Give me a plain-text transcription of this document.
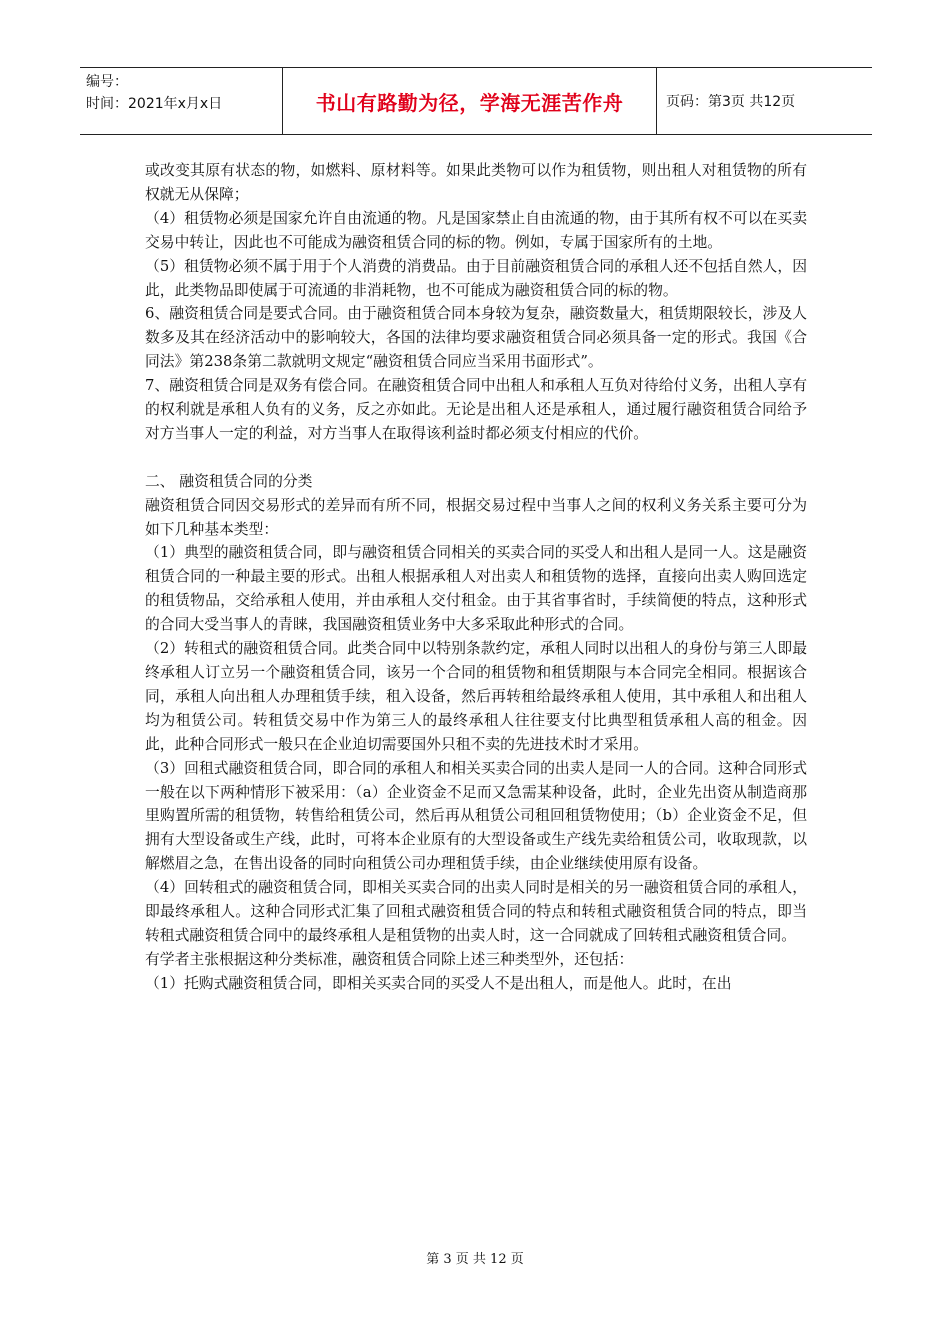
编号：
时间：2021年x月x日	书山有路勤为径，学海无涯苦作舟	页码：第3页 共12页

或改变其原有状态的物，如燃料、原材料等。如果此类物可以作为租赁物，则出租人对租赁物的所有权就无从保障；

（4）租赁物必须是国家允许自由流通的物。凡是国家禁止自由流通的物，由于其所有权不可以在买卖交易中转让，因此也不可能成为融资租赁合同的标的物。例如，专属于国家所有的土地。

（5）租赁物必须不属于用于个人消费的消费品。由于目前融资租赁合同的承租人还不包括自然人，因此，此类物品即使属于可流通的非消耗物，也不可能成为融资租赁合同的标的物。

6、融资租赁合同是要式合同。由于融资租赁合同本身较为复杂，融资数量大，租赁期限较长，涉及人数多及其在经济活动中的影响较大，各国的法律均要求融资租赁合同必须具备一定的形式。我国《合同法》第238条第二款就明文规定“融资租赁合同应当采用书面形式”。

7、融资租赁合同是双务有偿合同。在融资租赁合同中出租人和承租人互负对待给付义务，出租人享有的权利就是承租人负有的义务，反之亦如此。无论是出租人还是承租人，通过履行融资租赁合同给予对方当事人一定的利益，对方当事人在取得该利益时都必须支付相应的代价。

二、 融资租赁合同的分类

融资租赁合同因交易形式的差异而有所不同，根据交易过程中当事人之间的权利义务关系主要可分为如下几种基本类型：

（1）典型的融资租赁合同，即与融资租赁合同相关的买卖合同的买受人和出租人是同一人。这是融资租赁合同的一种最主要的形式。出租人根据承租人对出卖人和租赁物的选择，直接向出卖人购回选定的租赁物品，交给承租人使用，并由承租人交付租金。由于其省事省时，手续简便的特点，这种形式的合同大受当事人的青睐，我国融资租赁业务中大多采取此种形式的合同。

（2）转租式的融资租赁合同。此类合同中以特别条款约定，承租人同时以出租人的身份与第三人即最终承租人订立另一个融资租赁合同，该另一个合同的租赁物和租赁期限与本合同完全相同。根据该合同，承租人向出租人办理租赁手续，租入设备，然后再转租给最终承租人使用，其中承租人和出租人均为租赁公司。转租赁交易中作为第三人的最终承租人往往要支付比典型租赁承租人高的租金。因此，此种合同形式一般只在企业迫切需要国外只租不卖的先进技术时才采用。

（3）回租式融资租赁合同，即合同的承租人和相关买卖合同的出卖人是同一人的合同。这种合同形式一般在以下两种情形下被采用：（a）企业资金不足而又急需某种设备，此时，企业先出资从制造商那里购置所需的租赁物，转售给租赁公司，然后再从租赁公司租回租赁物使用；（b）企业资金不足，但拥有大型设备或生产线，此时，可将本企业原有的大型设备或生产线先卖给租赁公司，收取现款，以解燃眉之急，在售出设备的同时向租赁公司办理租赁手续，由企业继续使用原有设备。

（4）回转租式的融资租赁合同，即相关买卖合同的出卖人同时是相关的另一融资租赁合同的承租人，即最终承租人。这种合同形式汇集了回租式融资租赁合同的特点和转租式融资租赁合同的特点，即当转租式融资租赁合同中的最终承租人是租赁物的出卖人时，这一合同就成了回转租式融资租赁合同。

有学者主张根据这种分类标准，融资租赁合同除上述三种类型外，还包括：

（1）托购式融资租赁合同，即相关买卖合同的买受人不是出租人，而是他人。此时，在出

第 3 页 共 12 页
